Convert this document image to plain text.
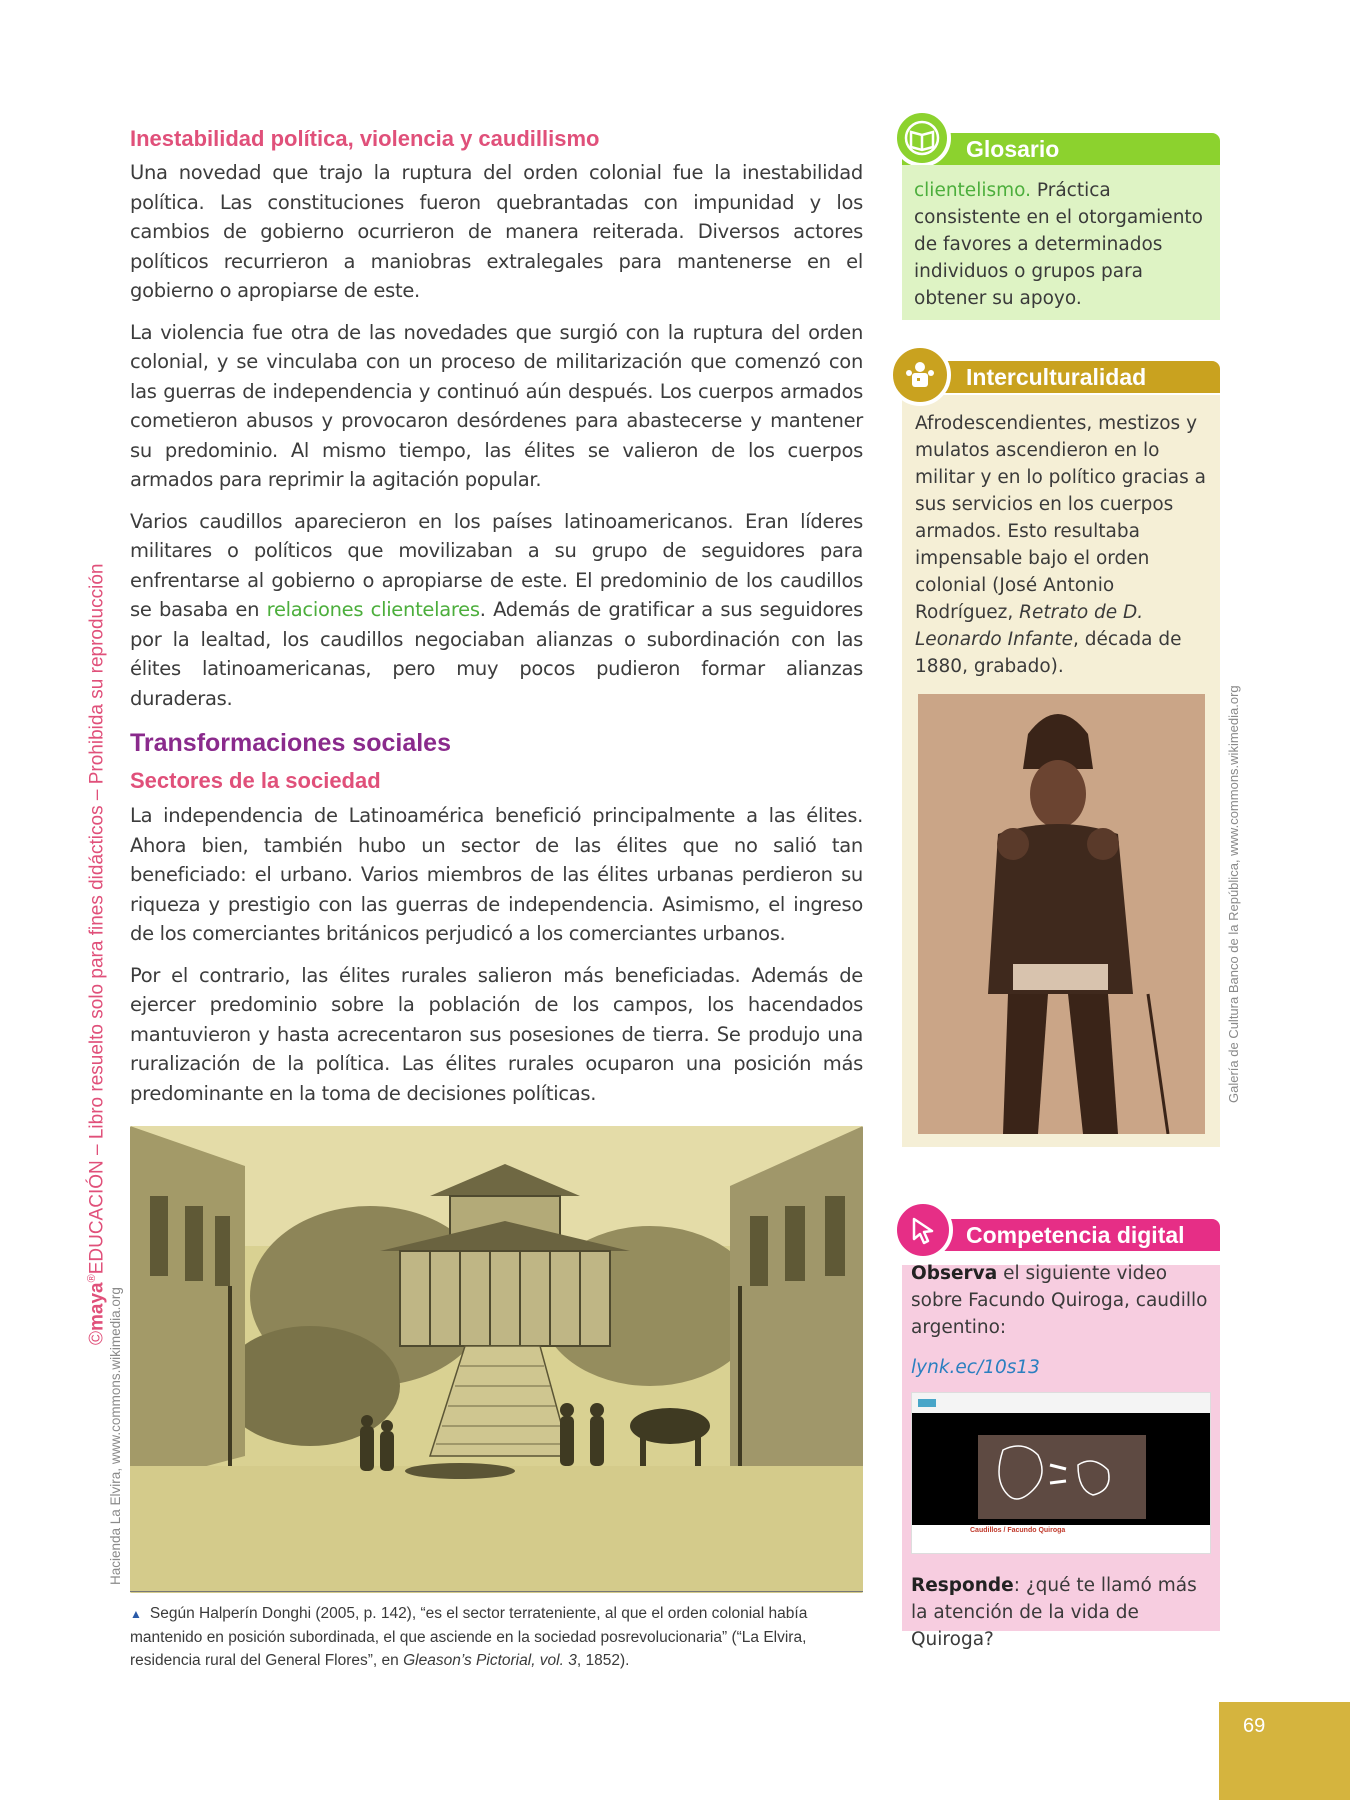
Inestabilidad política, violencia y caudillismo

Una novedad que trajo la ruptura del orden colonial fue la inestabilidad política. Las constituciones fueron quebrantadas con impunidad y los cambios de gobierno ocurrieron de manera reiterada. Diversos actores políticos recurrieron a maniobras extralegales para mantenerse en el gobierno o apropiarse de este.

La violencia fue otra de las novedades que surgió con la ruptura del orden colonial, y se vinculaba con un proceso de militarización que comenzó con las guerras de independencia y continuó aún después. Los cuerpos armados cometieron abusos y provocaron desórdenes para abastecerse y mantener su predominio. Al mismo tiempo, las élites se valieron de los cuerpos armados para reprimir la agitación popular.

Varios caudillos aparecieron en los países latinoamericanos. Eran líderes militares o políticos que movilizaban a su grupo de seguidores para enfrentarse al gobierno o apropiarse de este. El predominio de los caudillos se basaba en relaciones clientelares. Además de gratificar a sus seguidores por la lealtad, los caudillos negociaban alianzas o subordinación con las élites latinoamericanas, pero muy pocos pudieron formar alianzas duraderas.

Transformaciones sociales
Sectores de la sociedad

La independencia de Latinoamérica benefició principalmente a las élites. Ahora bien, también hubo un sector de las élites que no salió tan beneficiado: el urbano. Varios miembros de las élites urbanas perdieron su riqueza y prestigio con las guerras de independencia. Asimismo, el ingreso de los comerciantes británicos perjudicó a los comerciantes urbanos.

Por el contrario, las élites rurales salieron más beneficiadas. Además de ejercer predominio sobre la población de los campos, los hacendados mantuvieron y hasta acrecentaron sus posesiones de tierra. Se produjo una ruralización de la política. Las élites rurales ocuparon una posición más predominante en la toma de decisiones políticas.

©maya®EDUCACIÓN – Libro resuelto solo para fines didácticos – Prohibida su reproducción
Hacienda La Elvira, www.commons.wikimedia.org

▲ Según Halperín Donghi (2005, p. 142), “es el sector terrateniente, al que el orden colonial había mantenido en posición subordinada, el que asciende en la sociedad posrevolucionaria” (“La Elvira, residencia rural del General Flores”, en Gleason’s Pictorial, vol. 3, 1852).

Glosario

clientelismo. Práctica consistente en el otorgamiento de favores a determinados individuos o grupos para obtener su apoyo.

Interculturalidad

Afrodescendientes, mestizos y mulatos ascendieron en lo militar y en lo político gracias a sus servicios en los cuerpos armados. Esto resultaba impensable bajo el orden colonial (José Antonio Rodríguez, Retrato de D. Leonardo Infante, década de 1880, grabado).

Galería de Cultura Banco de la República, www.commons.wikimedia.org
Competencia digital

Observa el siguiente video sobre Facundo Quiroga, caudillo argentino:

lynk.ec/10s13

Caudillos / Facundo Quiroga

Responde: ¿qué te llamó más la atención de la vida de Quiroga?

69
